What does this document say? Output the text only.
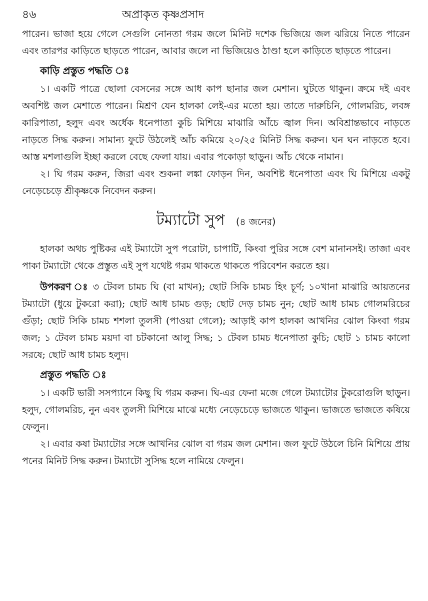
৪৬	অপ্রাকৃত কৃষ্ণপ্রসাদ

পারেন। ভাজা হয়ে গেলে সেগুলি নোনতা গরম জলে মিনিট দশেক ভিজিয়ে জল ঝরিয়ে নিতে পারেন এবং তারপর কাড়িতে ছাড়তে পারেন, আবার জলে না ভিজিয়েও ঠাণ্ডা হলে কাড়িতে ছাড়তে পারেন।

কাড়ি প্রস্তুত পদ্ধতি ঃ

১। একটি পাত্রে ছোলা বেসনের সঙ্গে আধ কাপ ছানার জল মেশান। ঘুটতে থাকুন। ক্রমে দই এবং অবশিষ্ট জল মেশাতে পারেন। মিশ্রণ যেন হালকা লেই-এর মতো হয়। তাতে দারুচিনি, গোলমরিচ, লবঙ্গ কারিপাতা, হলুদ এবং অর্ধেক ধনেপাতা কুচি মিশিয়ে মাঝারি আঁচে জ্বাল দিন। অবিশ্রান্তভাবে নাড়তে নাড়তে সিদ্ধ করুন। সামান্য ফুটে উঠলেই আঁচ কমিয়ে ২০/২৫ মিনিট সিদ্ধ করুন। ঘন ঘন নাড়তে হবে। আস্ত মশলাগুলি ইচ্ছা করলে বেছে ফেলা যায়। এবার পকোড়া ছাড়ুন। আঁচ থেকে নামান।

২। ঘি গরম করুন, জিরা এবং শুকনা লঙ্কা ফোড়ন দিন, অবশিষ্ট ধনেপাতা এবং ঘি মিশিয়ে একটু নেড়েচেড়ে শ্রীকৃষ্ণকে নিবেদন করুন।

টম্যাটো সুপ (৪ জনের)

হালকা অথচ পুষ্টিকর এই টম্যাটো সুপ পরোটা, চাপাটি, কিংবা পুরির সঙ্গে বেশ মানানসই। তাজা এবং পাকা টম্যাটো থেকে প্রস্তুত এই সুপ যথেষ্ট গরম থাকতে থাকতে পরিবেশন করতে হয়।

উপকরণ ঃ ৩ টেবল চামচ ঘি (বা মাখন); ছোট সিকি চামচ হিং চূর্ণ; ১০খানা মাঝারি আয়তনের টম্যাটো (ধুয়ে টুকরো করা); ছোট আধ চামচ গুড়; ছোট দেড় চামচ নুন; ছোট আধ চামচ গোলমরিচের গুঁড়া; ছোট সিকি চামচ শশলা তুলসী (পাওয়া গেলে); আড়াই কাপ হালকা আখনির ঝোল কিংবা গরম জল; ১ টেবল চামচ ময়দা বা চটকানো আলু সিদ্ধ; ১ টেবল চামচ ধনেপাতা কুচি; ছোট ১ চামচ কালো সরষে; ছোট আধ চামচ হলুদ।

প্রস্তুত পদ্ধতি ঃ

১। একটি ভারী সসপ্যানে কিছু ঘি গরম করুন। ঘি-এর ফেনা মজে গেলে টম্যাটোর টুকরোগুলি ছাড়ুন। হলুদ, গোলমরিচ, নুন এবং তুলসী মিশিয়ে মাঝে মধ্যে নেড়েচেড়ে ভাজতে থাকুন। ভাজতে ভাজতে কষিয়ে ফেলুন।

২। এবার কষা টম্যাটোর সঙ্গে আখনির ঝোল বা গরম জল মেশান। জল ফুটে উঠলে চিনি মিশিয়ে প্রায় পনের মিনিট সিদ্ধ করুন। টম্যাটো সুসিদ্ধ হলে নামিয়ে ফেলুন।
